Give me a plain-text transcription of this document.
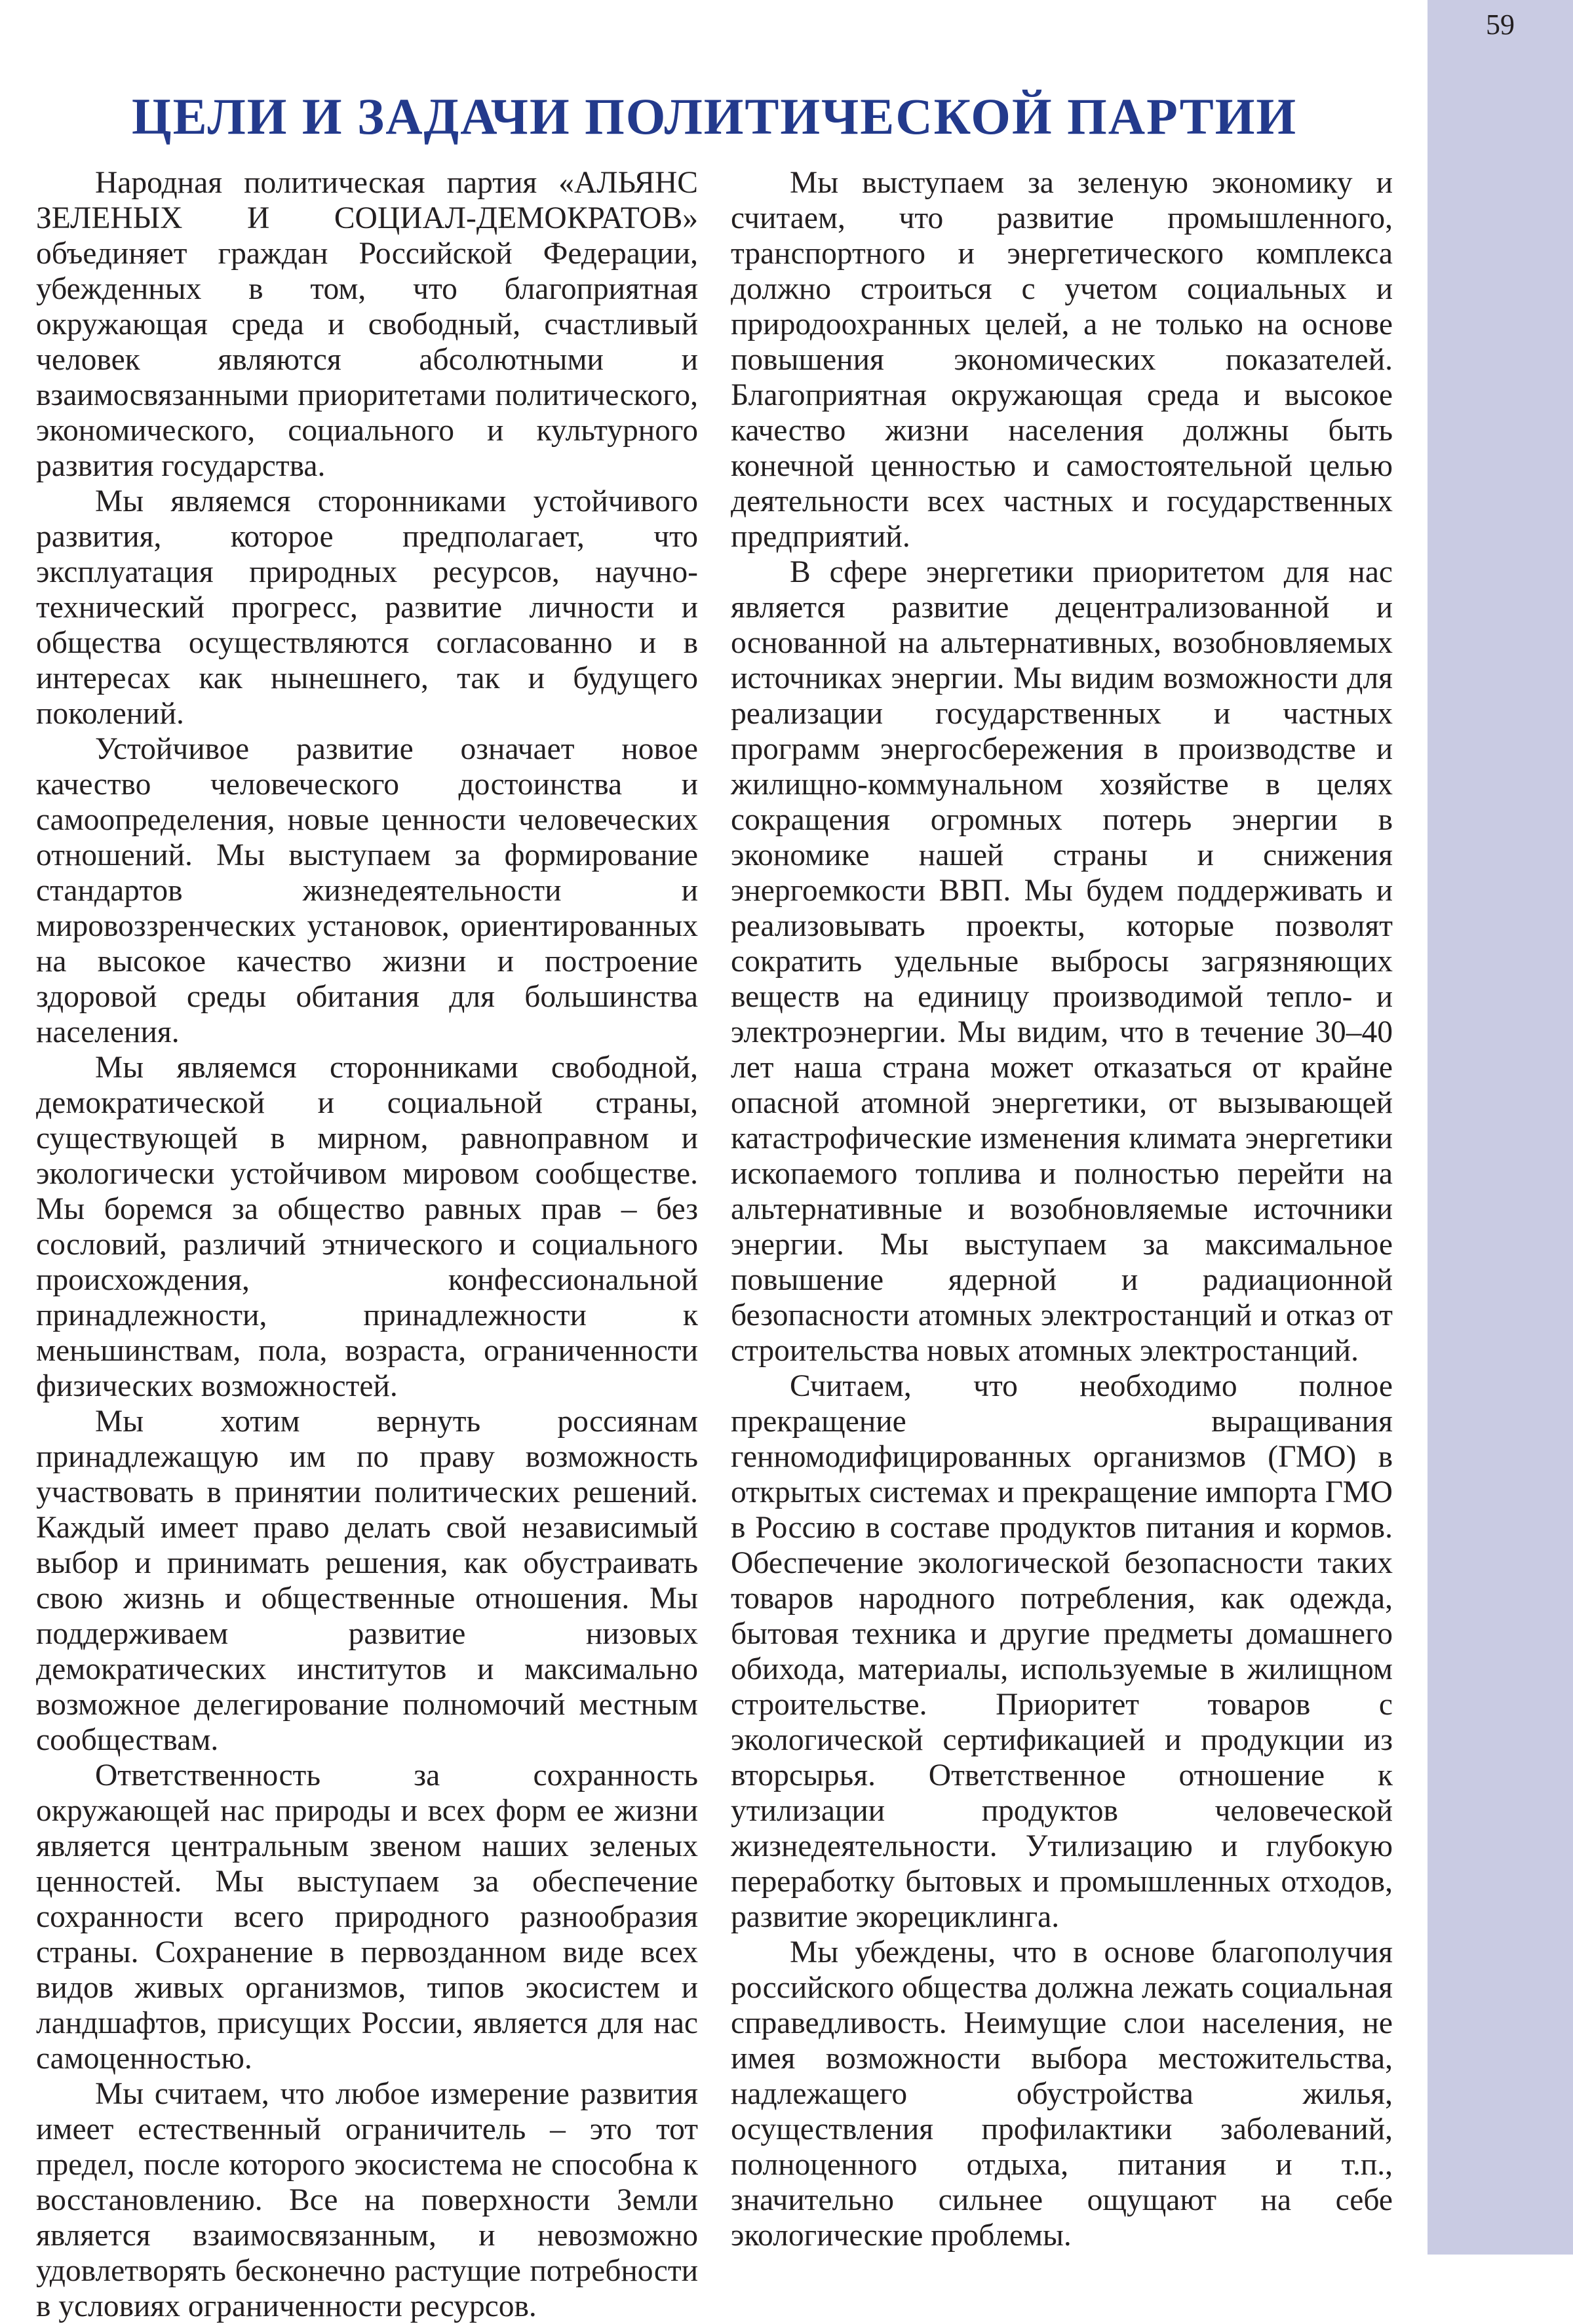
59
ЦЕЛИ И ЗАДАЧИ ПОЛИТИЧЕСКОЙ ПАРТИИ

Народная политическая партия «АЛЬЯНС ЗЕЛЕНЫХ И СОЦИАЛ-ДЕМОКРАТОВ» объединяет граждан Российской Федерации, убежденных в том, что благоприятная окружающая среда и свободный, счастливый человек являются абсолютными и взаимосвязанными приоритетами политического, экономического, социального и культурного развития государства.

Мы являемся сторонниками устойчивого развития, которое предполагает, что эксплуатация природных ресурсов, научно-технический прогресс, развитие личности и общества осуществляются согласованно и в интересах как нынешнего, так и будущего поколений.

Устойчивое развитие означает новое качество человеческого достоинства и самоопределения, новые ценности человеческих отношений. Мы выступаем за формирование стандартов жизнедеятельности и мировоззренческих установок, ориентированных на высокое качество жизни и построение здоровой среды обитания для большинства населения.

Мы являемся сторонниками свободной, демократической и социальной страны, существующей в мирном, равноправном и экологически устойчивом мировом сообществе. Мы боремся за общество равных прав – без сословий, различий этнического и социального происхождения, конфессиональной принадлежности, принадлежности к меньшинствам, пола, возраста, ограниченности физических возможностей.

Мы хотим вернуть россиянам принадлежащую им по праву возможность участвовать в принятии политических решений. Каждый имеет право делать свой независимый выбор и принимать решения, как обустраивать свою жизнь и общественные отношения. Мы поддерживаем развитие низовых демократических институтов и максимально возможное делегирование полномочий местным сообществам.

Ответственность за сохранность окружающей нас природы и всех форм ее жизни является центральным звеном наших зеленых ценностей. Мы выступаем за обеспечение сохранности всего природного разнообразия страны. Сохранение в первозданном виде всех видов живых организмов, типов экосистем и ландшафтов, присущих России, является для нас самоценностью.

Мы считаем, что любое измерение развития имеет естественный ограничитель – это тот предел, после которого экосистема не способна к восстановлению. Все на поверхности Земли является взаимосвязанным, и невозможно удовлетворять бесконечно растущие потребности в условиях ограниченности ресурсов.

Мы выступаем за зеленую экономику и считаем, что развитие промышленного, транспортного и энергетического комплекса должно строиться с учетом социальных и природоохранных целей, а не только на основе повышения экономических показателей. Благоприятная окружающая среда и высокое качество жизни населения должны быть конечной ценностью и самостоятельной целью деятельности всех частных и государственных предприятий.

В сфере энергетики приоритетом для нас является развитие децентрализованной и основанной на альтернативных, возобновляемых источниках энергии. Мы видим возможности для реализации государственных и частных программ энергосбережения в производстве и жилищно-коммунальном хозяйстве в целях сокращения огромных потерь энергии в экономике нашей страны и снижения энергоемкости ВВП. Мы будем поддерживать и реализовывать проекты, которые позволят сократить удельные выбросы загрязняющих веществ на единицу производимой тепло- и электроэнергии. Мы видим, что в течение 30–40 лет наша страна может отказаться от крайне опасной атомной энергетики, от вызывающей катастрофические изменения климата энергетики ископаемого топлива и полностью перейти на альтернативные и возобновляемые источники энергии. Мы выступаем за максимальное повышение ядерной и радиационной безопасности атомных электростанций и отказ от строительства новых атомных электростанций.

Считаем, что необходимо полное прекращение выращивания генномодифицированных организмов (ГМО) в открытых системах и прекращение импорта ГМО в Россию в составе продуктов питания и кормов. Обеспечение экологической безопасности таких товаров народного потребления, как одежда, бытовая техника и другие предметы домашнего обихода, материалы, используемые в жилищном строительстве. Приоритет товаров с экологической сертификацией и продукции из вторсырья. Ответственное отношение к утилизации продуктов человеческой жизнедеятельности. Утилизацию и глубокую переработку бытовых и промышленных отходов, развитие экорециклинга.

Мы убеждены, что в основе благополучия российского общества должна лежать социальная справедливость. Неимущие слои населения, не имея возможности выбора местожительства, надлежащего обустройства жилья, осуществления профилактики заболеваний, полноценного отдыха, питания и т.п., значительно сильнее ощущают на себе экологические проблемы.
